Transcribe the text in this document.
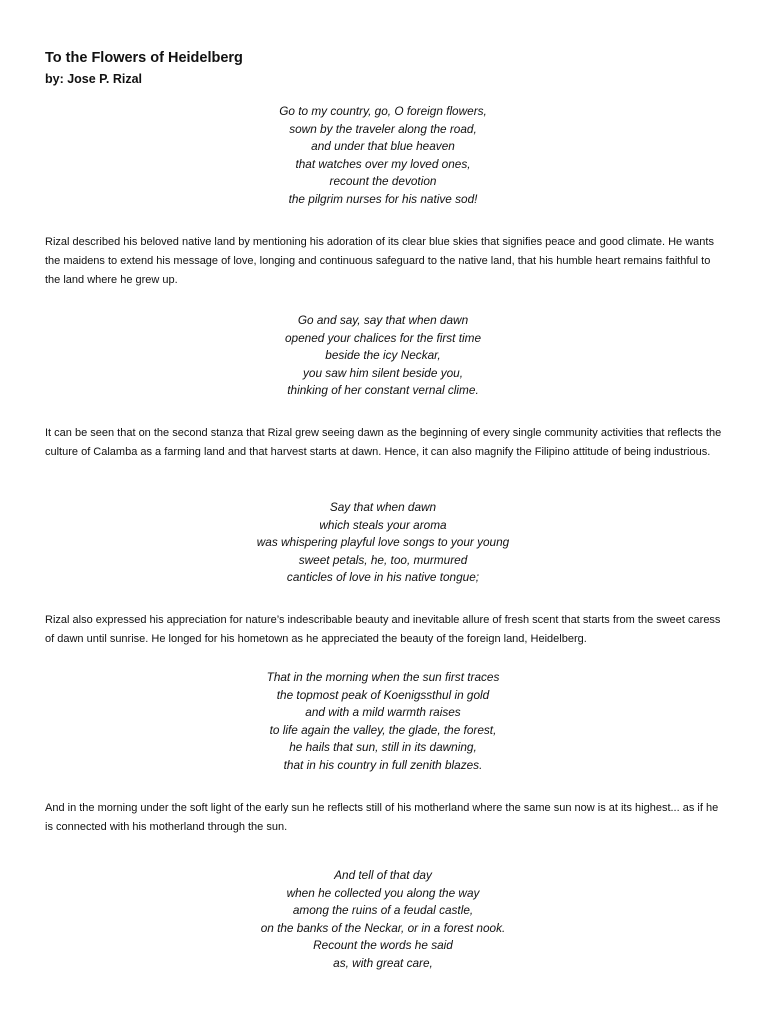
To the Flowers of Heidelberg
by: Jose P. Rizal
Go to my country, go, O foreign flowers,
sown by the traveler along the road,
and under that blue heaven
that watches over my loved ones,
recount the devotion
the pilgrim nurses for his native sod!

Rizal described his beloved native land by mentioning his adoration of its clear blue skies that signifies peace and good climate. He wants the maidens to extend his message of love, longing and continuous safeguard to the native land, that his humble heart remains faithful to the land where he grew up.

Go and say, say that when dawn
opened your chalices for the first time
beside the icy Neckar,
you saw him silent beside you,
thinking of her constant vernal clime.

It can be seen that on the second stanza that Rizal grew seeing dawn as the beginning of every single community activities that reflects the culture of Calamba as a farming land and that harvest starts at dawn. Hence, it can also magnify the Filipino attitude of being industrious.

Say that when dawn
which steals your aroma
was whispering playful love songs to your young
sweet petals, he, too, murmured
canticles of love in his native tongue;

Rizal also expressed his appreciation for nature’s indescribable beauty and inevitable allure of fresh scent that starts from the sweet caress of dawn until sunrise. He longed for his hometown as he appreciated the beauty of the foreign land, Heidelberg.

That in the morning when the sun first traces
the topmost peak of Koenigssthul in gold
and with a mild warmth raises
to life again the valley, the glade, the forest,
he hails that sun, still in its dawning,
that in his country in full zenith blazes.

And in the morning under the soft light of the early sun he reflects still of his motherland where the same sun now is at its highest... as if he is connected with his motherland through the sun.

And tell of that day
when he collected you along the way
among the ruins of a feudal castle,
on the banks of the Neckar, or in a forest nook.
Recount the words he said
as, with great care,
